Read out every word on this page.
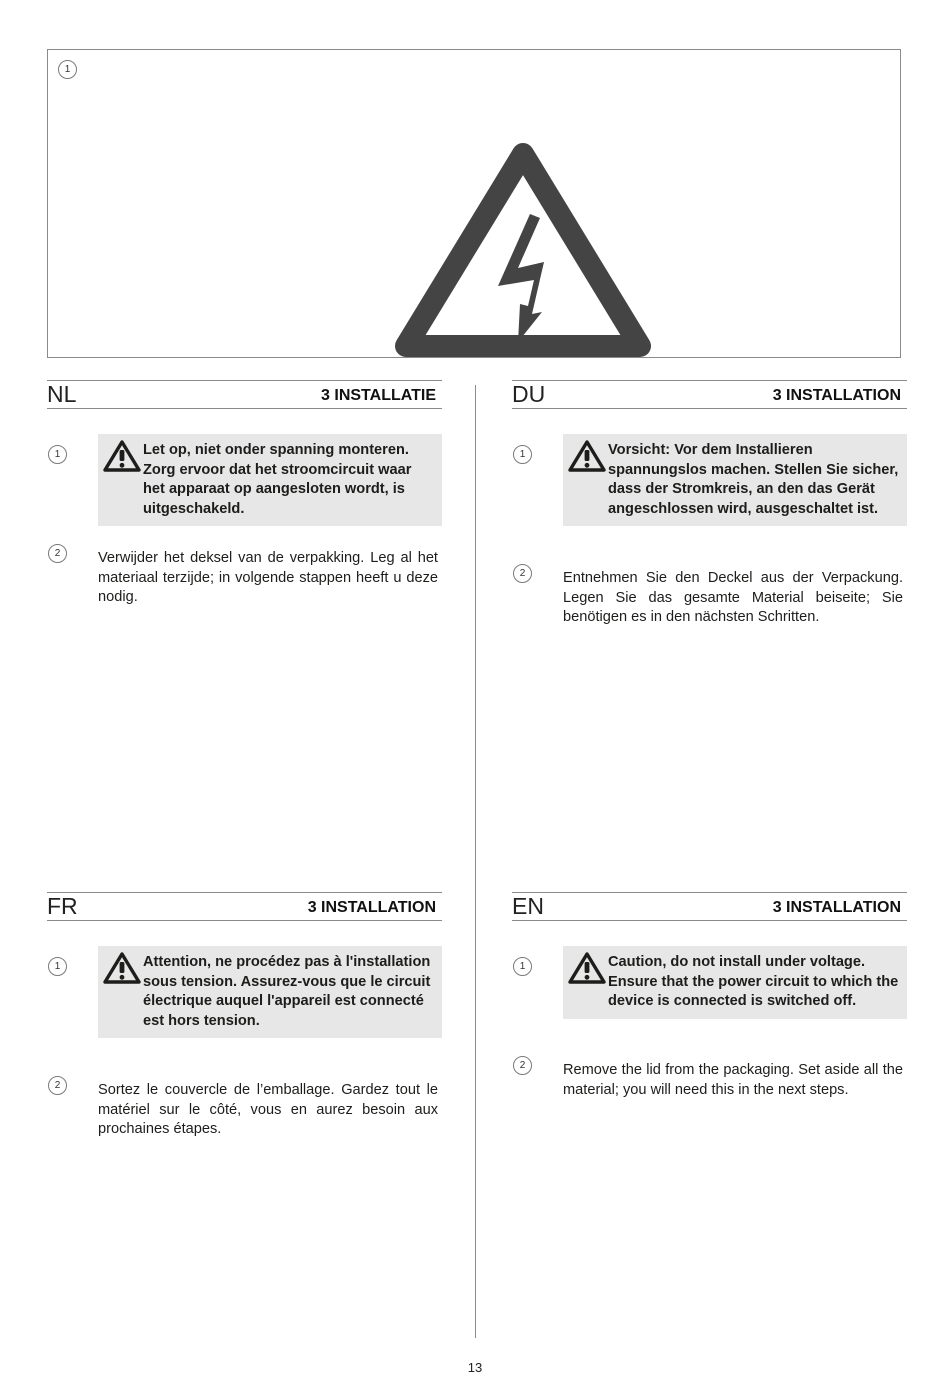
1
NL	3 INSTALLATIE
1	Let op, niet onder spanning monteren. Zorg ervoor dat het stroomcircuit waar het apparaat op aangesloten wordt, is uitgeschakeld.
2	Verwijder het deksel van de verpakking. Leg al het materiaal terzijde; in volgende stappen heeft u deze nodig.
DU	3 INSTALLATION
1	Vorsicht: Vor dem Installieren spannungslos machen. Stellen Sie sicher, dass der Stromkreis, an den das Gerät angeschlossen wird, ausgeschaltet ist.
2	Entnehmen Sie den Deckel aus der Verpackung. Legen Sie das gesamte Material beiseite; Sie benötigen es in den nächsten Schritten.
FR	3 INSTALLATION
1	Attention, ne procédez pas à l'installation sous tension. Assurez-vous que le circuit électrique auquel l'appareil est connecté est hors tension.
2	Sortez le couvercle de l’emballage. Gardez tout le matériel sur le côté, vous en aurez besoin aux prochaines étapes.
EN	3 INSTALLATION
1	Caution, do not install under voltage. Ensure that the power circuit to which the device is connected is switched off.
2	Remove the lid from the packaging. Set aside all the material; you will need this in the next steps.
13
